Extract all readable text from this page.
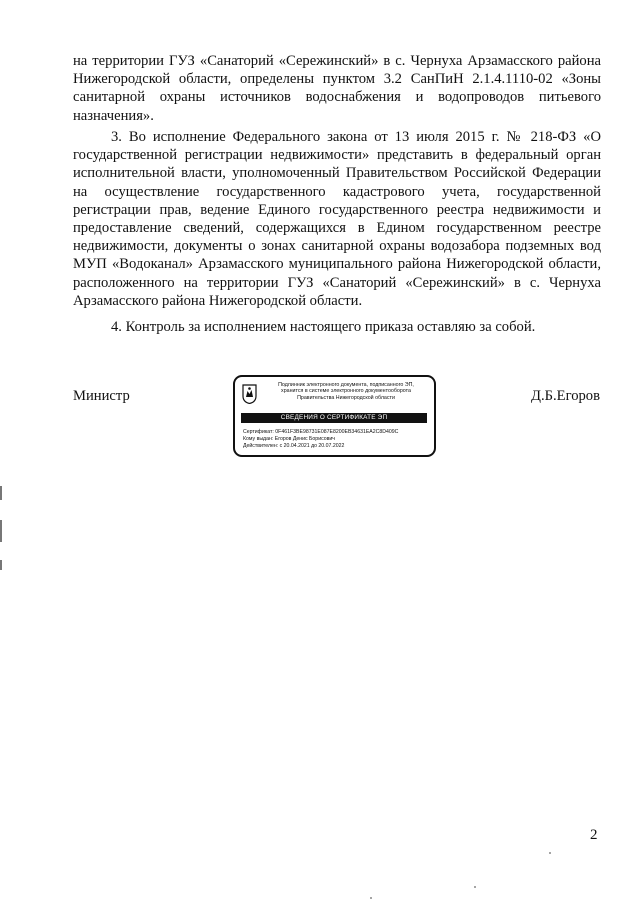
на территории ГУЗ «Санаторий «Сережинский» в с. Чернуха Арзамасского района Нижегородской области, определены пунктом 3.2 СанПиН 2.1.4.1110-02 «Зоны санитарной охраны источников водоснабжения и водопроводов питьевого назначения».
3. Во исполнение Федерального закона от 13 июля 2015 г. № 218-ФЗ «О государственной регистрации недвижимости» представить в федеральный орган исполнительной власти, уполномоченный Правительством Российской Федерации на осуществление государственного кадастрового учета, государственной регистрации прав, ведение Единого государственного реестра недвижимости и предоставление сведений, содержащихся в Едином государственном реестре недвижимости, документы о зонах санитарной охраны водозабора подземных вод МУП «Водоканал» Арзамасского муниципального района Нижегородской области, расположенного на территории ГУЗ «Санаторий «Сережинский» в с. Чернуха Арзамасского района Нижегородской области.
4. Контроль за исполнением настоящего приказа оставляю за собой.
Министр
Подлинник электронного документа, подписанного ЭП,
хранится в системе электронного документооборота
Правительства Нижегородской области
СВЕДЕНИЯ О СЕРТИФИКАТЕ ЭП
Сертификат: 0F461F3BE98731E087E8200EB34631EA2C8D409C
Кому выдан: Егоров Денис Борисович
Действителен: с 20.04.2021 до 20.07.2022
Д.Б.Егоров
2
